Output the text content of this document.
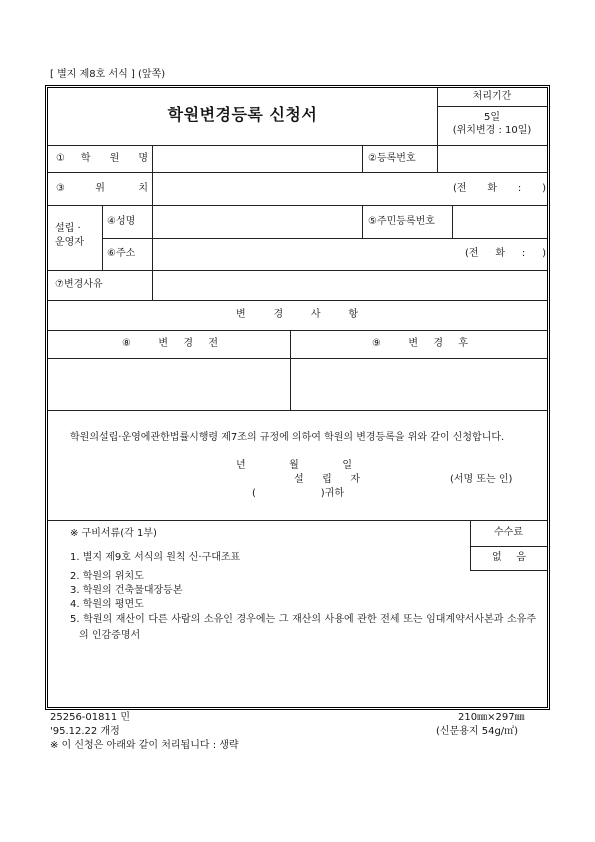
[ 별지 제8호 서식 ] (앞쪽)
학원변경등록 신청서
처리기간
5일
(위치변경 : 10일)
①학 원 명	②등록번호
③위 치	(전 화 : )
설립 ·
운영자
④성명	⑤주민등록번호
⑥주소	(전 화 : )
⑦변경사유
변 경 사 항
⑧ 변 경 전	⑨ 변 경 후
학원의설립·운영에관한법률시행령 제7조의 규정에 의하여 학원의 변경등록을 위와 같이 신청합니다.
년 월 일
설 립 자	(서명 또는 인)
( )귀하
※ 구비서류(각 1부)
1. 별지 제9호 서식의 원칙 신·구대조표
2. 학원의 위치도
3. 학원의 건축물대장등본
4. 학원의 평면도
5. 학원의 재산이 다른 사람의 소유인 경우에는 그 재산의 사용에 관한 전세 또는 임대계약서사본과 소유주의 인감증명서
수수료
없 음
25256-01811 민	210㎜×297㎜
'95.12.22 개정	(신문용지 54g/㎡)
※ 이 신청은 아래와 같이 처리됩니다 : 생략
